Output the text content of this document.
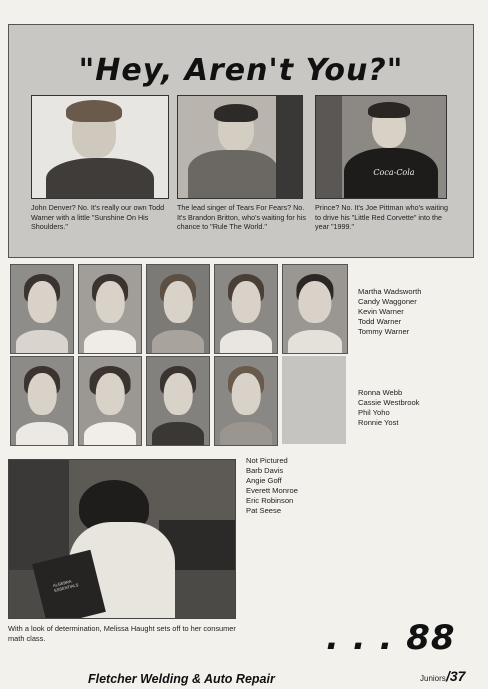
"Hey, Aren't You?"
Coca-Cola
John Denver? No. It's really our own Todd Warner with a little "Sunshine On His Shoulders."
The lead singer of Tears For Fears? No. It's Brandon Britton, who's waiting for his chance to "Rule The World."
Prince? No. It's Joe Pittman who's waiting to drive his "Little Red Corvette" into the year "1999."
Martha Wadsworth
Candy Waggoner
Kevin Warner
Todd Warner
Tommy Warner
Ronna Webb
Cassie Westbrook
Phil Yoho
Ronnie Yost
ALGEBRA ESSENTIALS
Not Pictured
Barb Davis
Angie Goff
Everett Monroe
Eric Robinson
Pat Seese
With a look of determination, Melissa Haught sets off to her consumer math class.	. . . 88
Fletcher Welding & Auto Repair	Juniors /37
